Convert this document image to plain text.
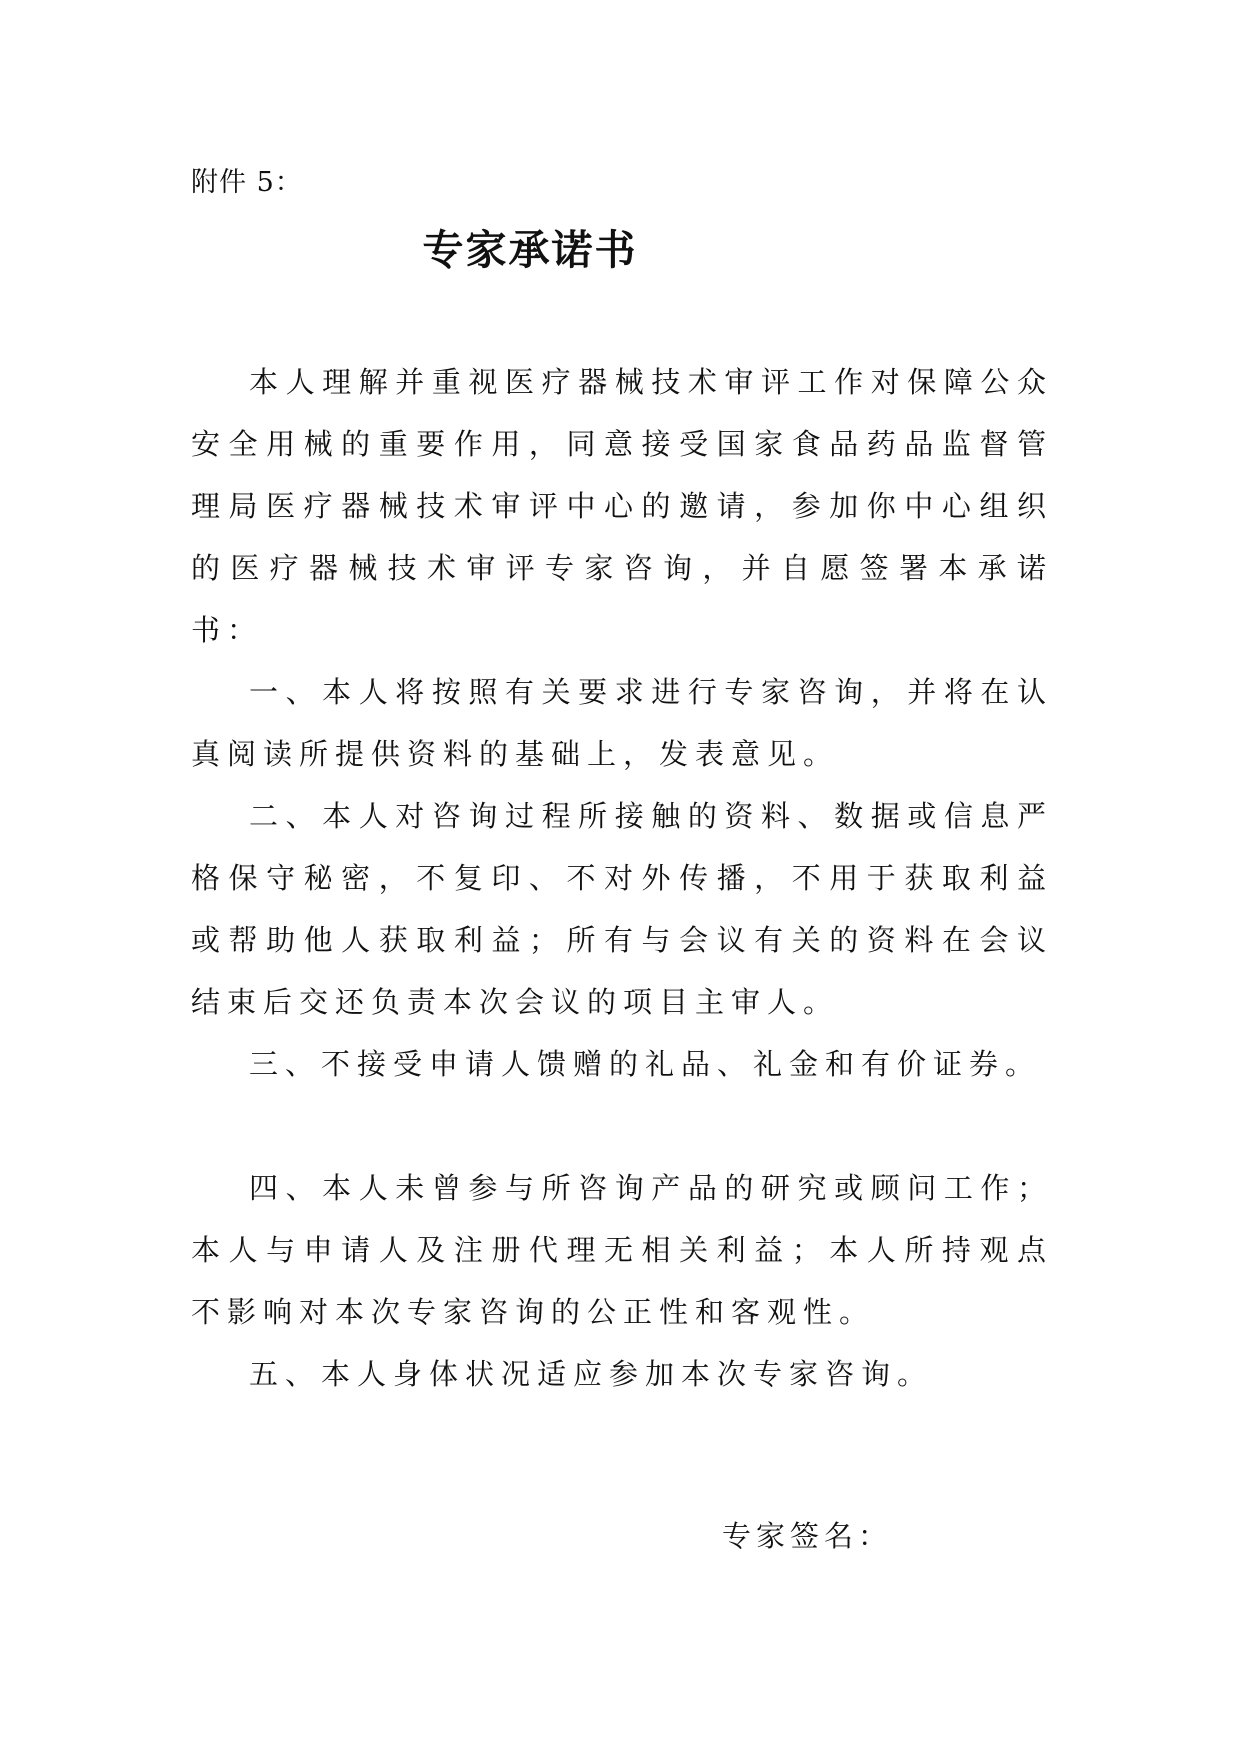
附件 5：
专家承诺书

本人理解并重视医疗器械技术审评工作对保障公众安全用械的重要作用，同意接受国家食品药品监督管理局医疗器械技术审评中心的邀请，参加你中心组织的医疗器械技术审评专家咨询，并自愿签署本承诺书：

一、本人将按照有关要求进行专家咨询，并将在认真阅读所提供资料的基础上，发表意见。

二、本人对咨询过程所接触的资料、数据或信息严格保守秘密，不复印、不对外传播，不用于获取利益或帮助他人获取利益；所有与会议有关的资料在会议结束后交还负责本次会议的项目主审人。

三、不接受申请人馈赠的礼品、礼金和有价证券。

四、本人未曾参与所咨询产品的研究或顾问工作；本人与申请人及注册代理无相关利益；本人所持观点不影响对本次专家咨询的公正性和客观性。

五、本人身体状况适应参加本次专家咨询。

专家签名：
